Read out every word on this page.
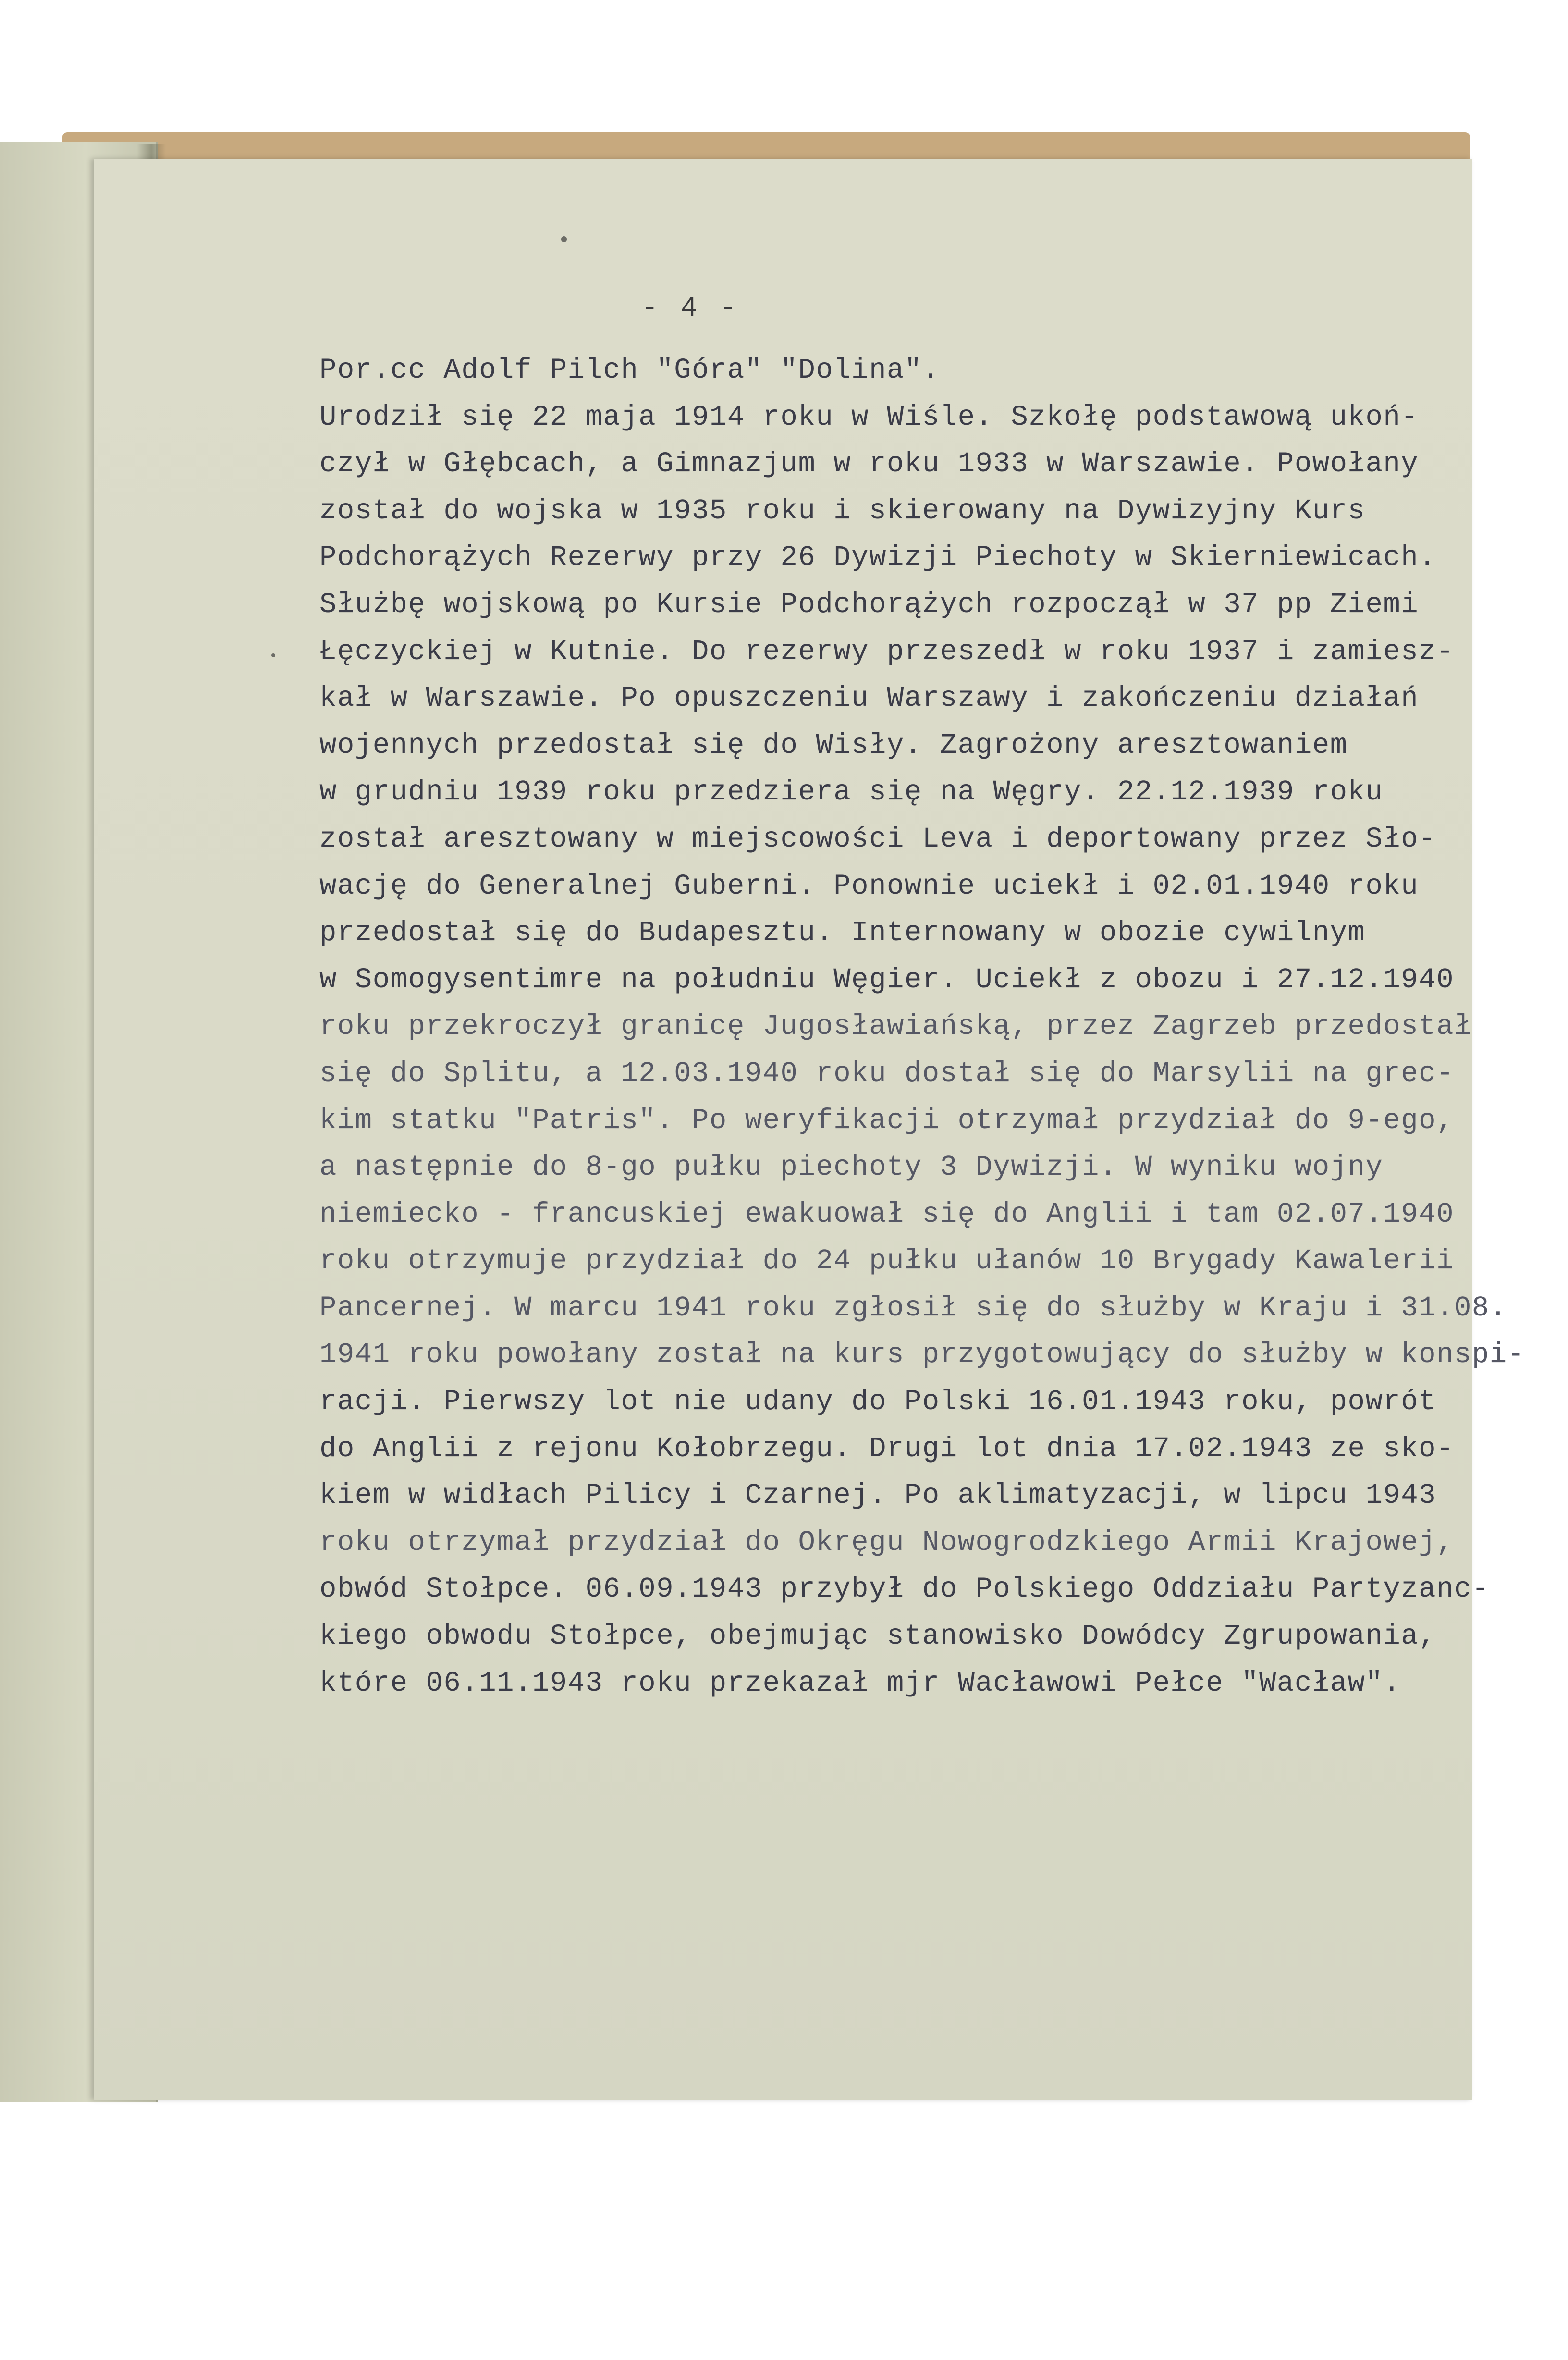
- 4 -
Por.cc Adolf Pilch "Góra" "Dolina".
Urodził się 22 maja 1914 roku w Wiśle. Szkołę podstawową ukoń-
czył w Głębcach, a Gimnazjum w roku 1933 w Warszawie. Powołany
został do wojska w 1935 roku i skierowany na Dywizyjny Kurs
Podchorążych Rezerwy przy 26 Dywizji Piechoty w Skierniewicach.
Służbę wojskową po Kursie Podchorążych rozpoczął w 37 pp Ziemi
Łęczyckiej w Kutnie. Do rezerwy przeszedł w roku 1937 i zamiesz-
kał w Warszawie. Po opuszczeniu Warszawy i zakończeniu działań
wojennych przedostał się do Wisły. Zagrożony aresztowaniem
w grudniu 1939 roku przedziera się na Węgry. 22.12.1939 roku
został aresztowany w miejscowości Leva i deportowany przez Sło-
wację do Generalnej Guberni. Ponownie uciekł i 02.01.1940 roku
przedostał się do Budapesztu. Internowany w obozie cywilnym
w Somogysentimre na południu Węgier. Uciekł z obozu i 27.12.1940
roku przekroczył granicę Jugosławiańską, przez Zagrzeb przedostał
się do Splitu, a 12.03.1940 roku dostał się do Marsylii na grec-
kim statku "Patris". Po weryfikacji otrzymał przydział do 9-ego,
a następnie do 8-go pułku piechoty 3 Dywizji. W wyniku wojny
niemiecko - francuskiej ewakuował się do Anglii i tam 02.07.1940
roku otrzymuje przydział do 24 pułku ułanów 10 Brygady Kawalerii
Pancernej. W marcu 1941 roku zgłosił się do służby w Kraju i 31.08.
1941 roku powołany został na kurs przygotowujący do służby w konspi-
racji. Pierwszy lot nie udany do Polski 16.01.1943 roku, powrót
do Anglii z rejonu Kołobrzegu. Drugi lot dnia 17.02.1943 ze sko-
kiem w widłach Pilicy i Czarnej. Po aklimatyzacji, w lipcu 1943
roku otrzymał przydział do Okręgu Nowogrodzkiego Armii Krajowej,
obwód Stołpce. 06.09.1943 przybył do Polskiego Oddziału Partyzanc-
kiego obwodu Stołpce, obejmując stanowisko Dowódcy Zgrupowania,
które 06.11.1943 roku przekazał mjr Wacławowi Pełce "Wacław".
